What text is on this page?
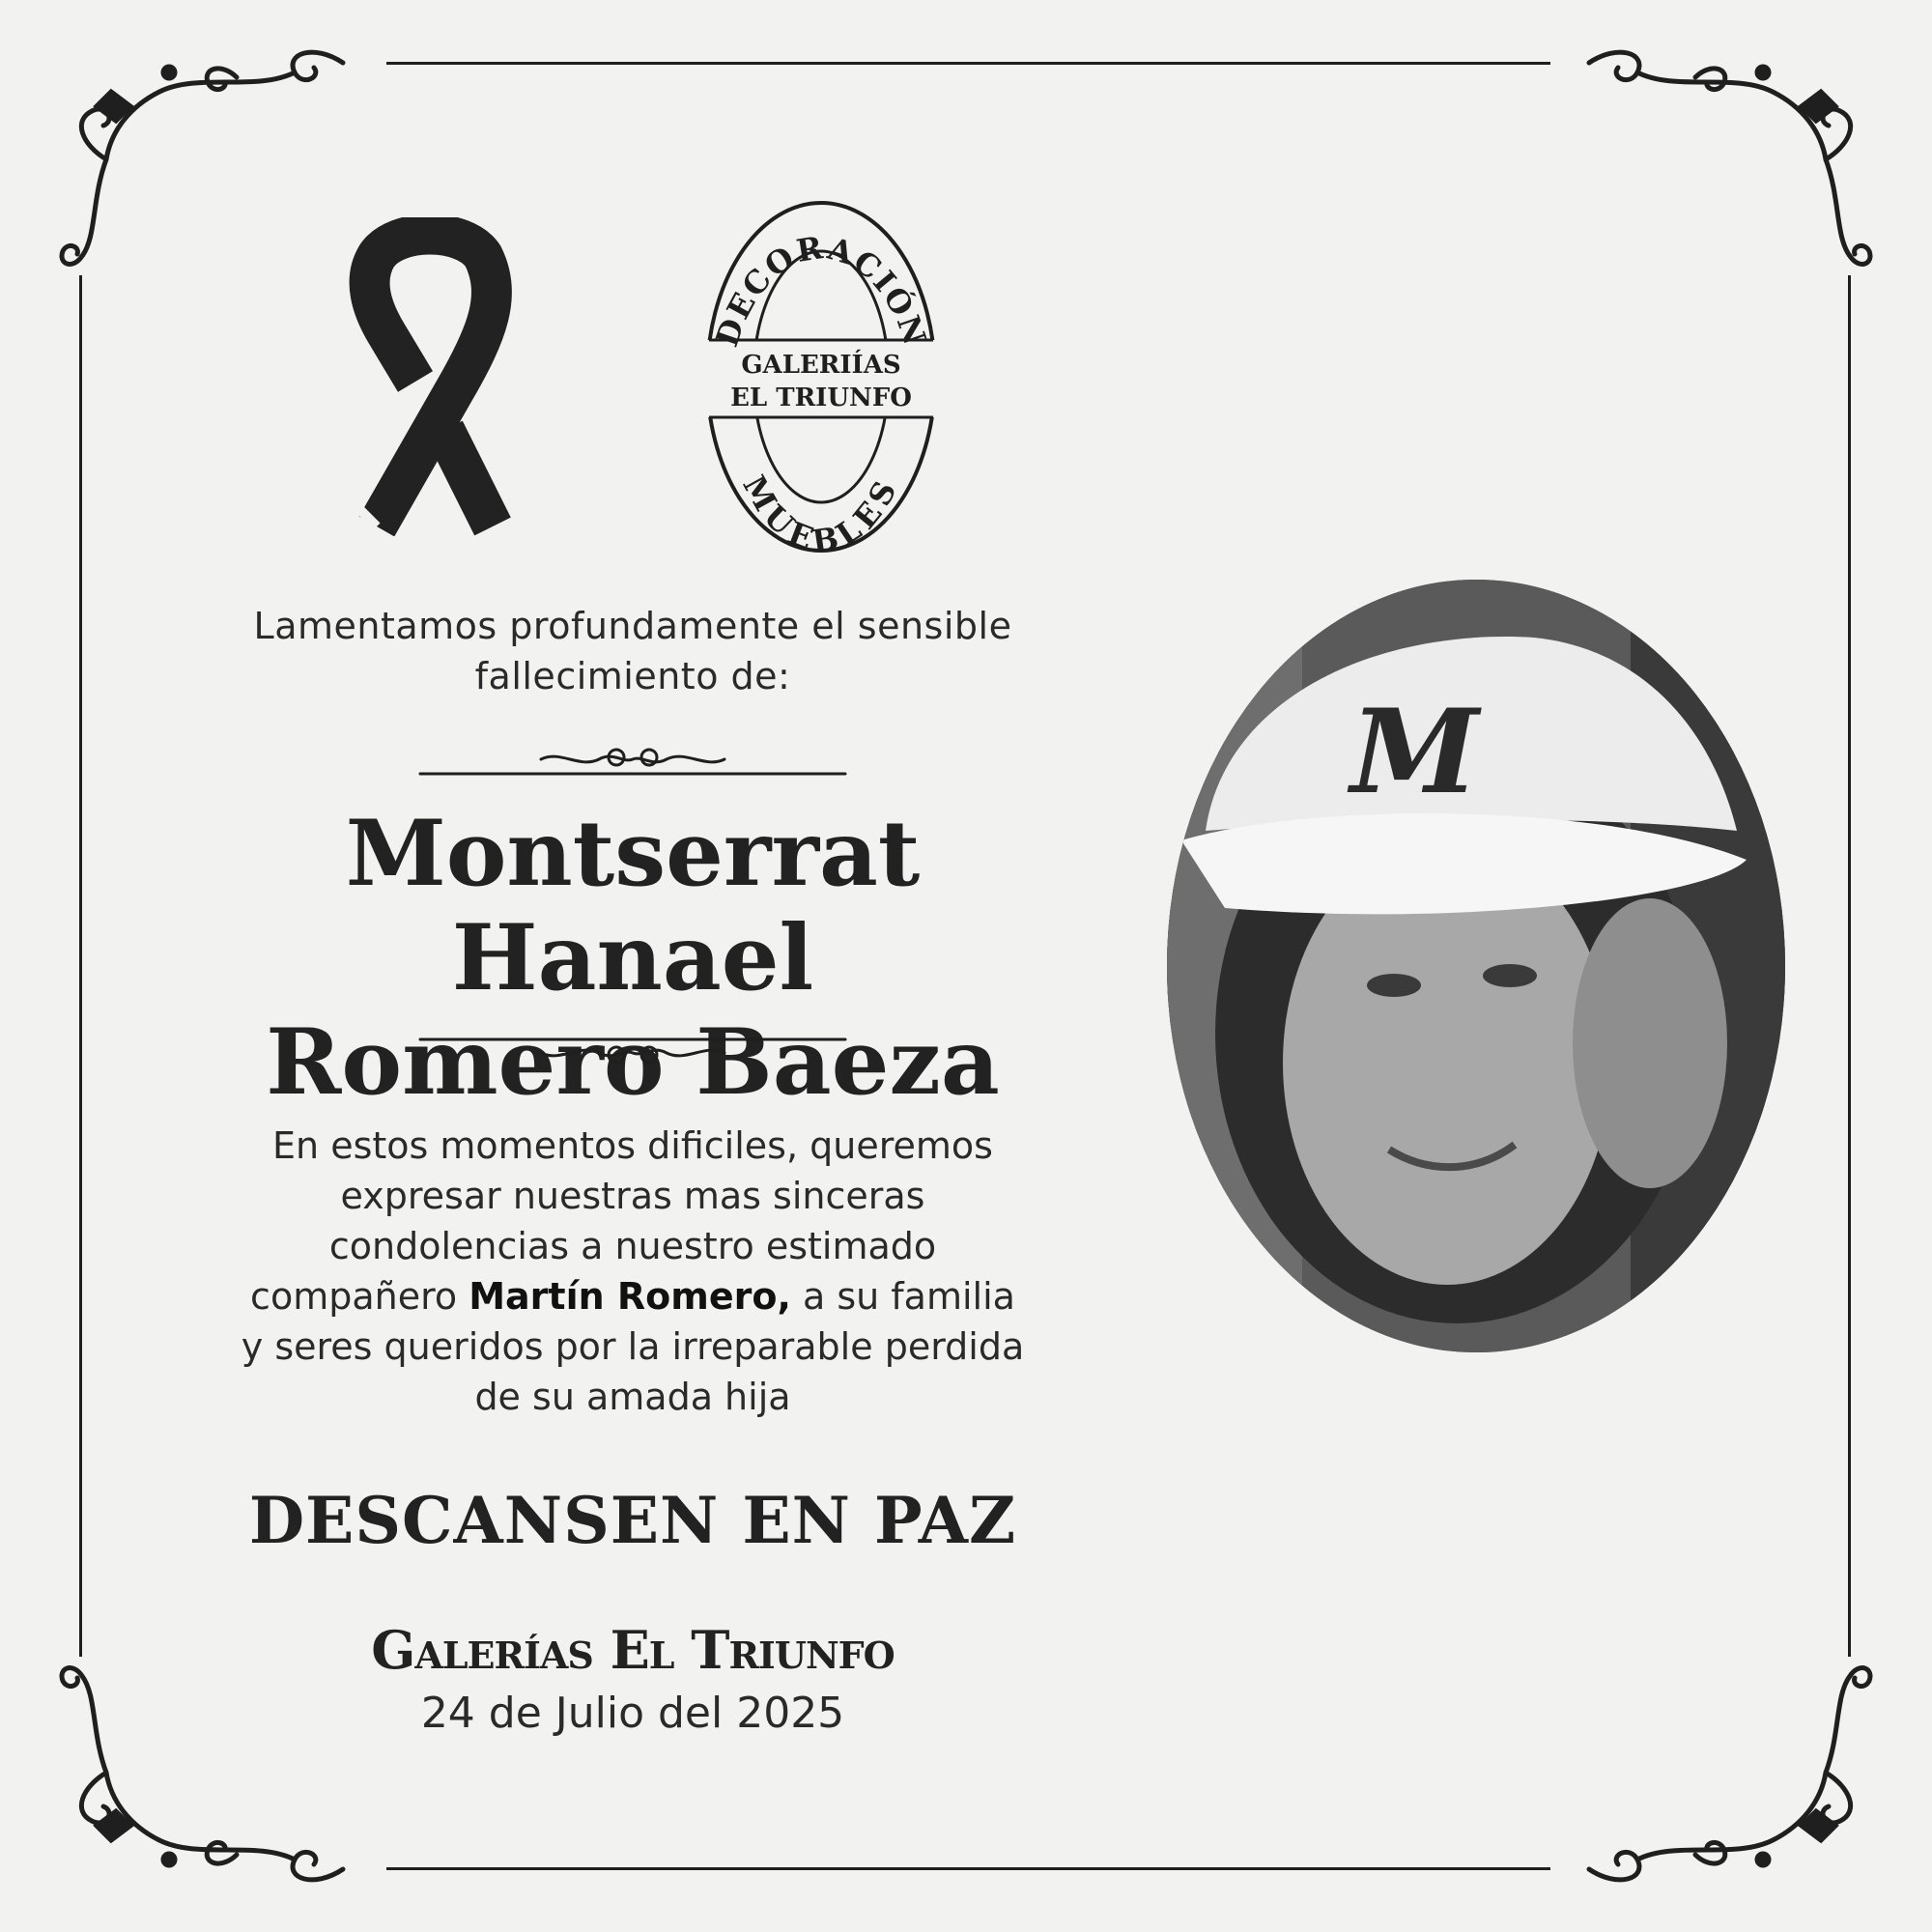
DECORACIÓN
MUEBLES
GALERIÍAS
EL TRIUNFO
Lamentamos profundamente el sensible
fallecimiento de:
Montserrat Hanael
Romero Baeza
En estos momentos dificiles, queremos
expresar nuestras mas sinceras
condolencias a nuestro estimado
compañero Martín Romero, a su familia
y seres queridos por la irreparable perdida
de su amada hija
DESCANSEN EN PAZ
Galerías El Triunfo
24 de Julio del 2025
M
